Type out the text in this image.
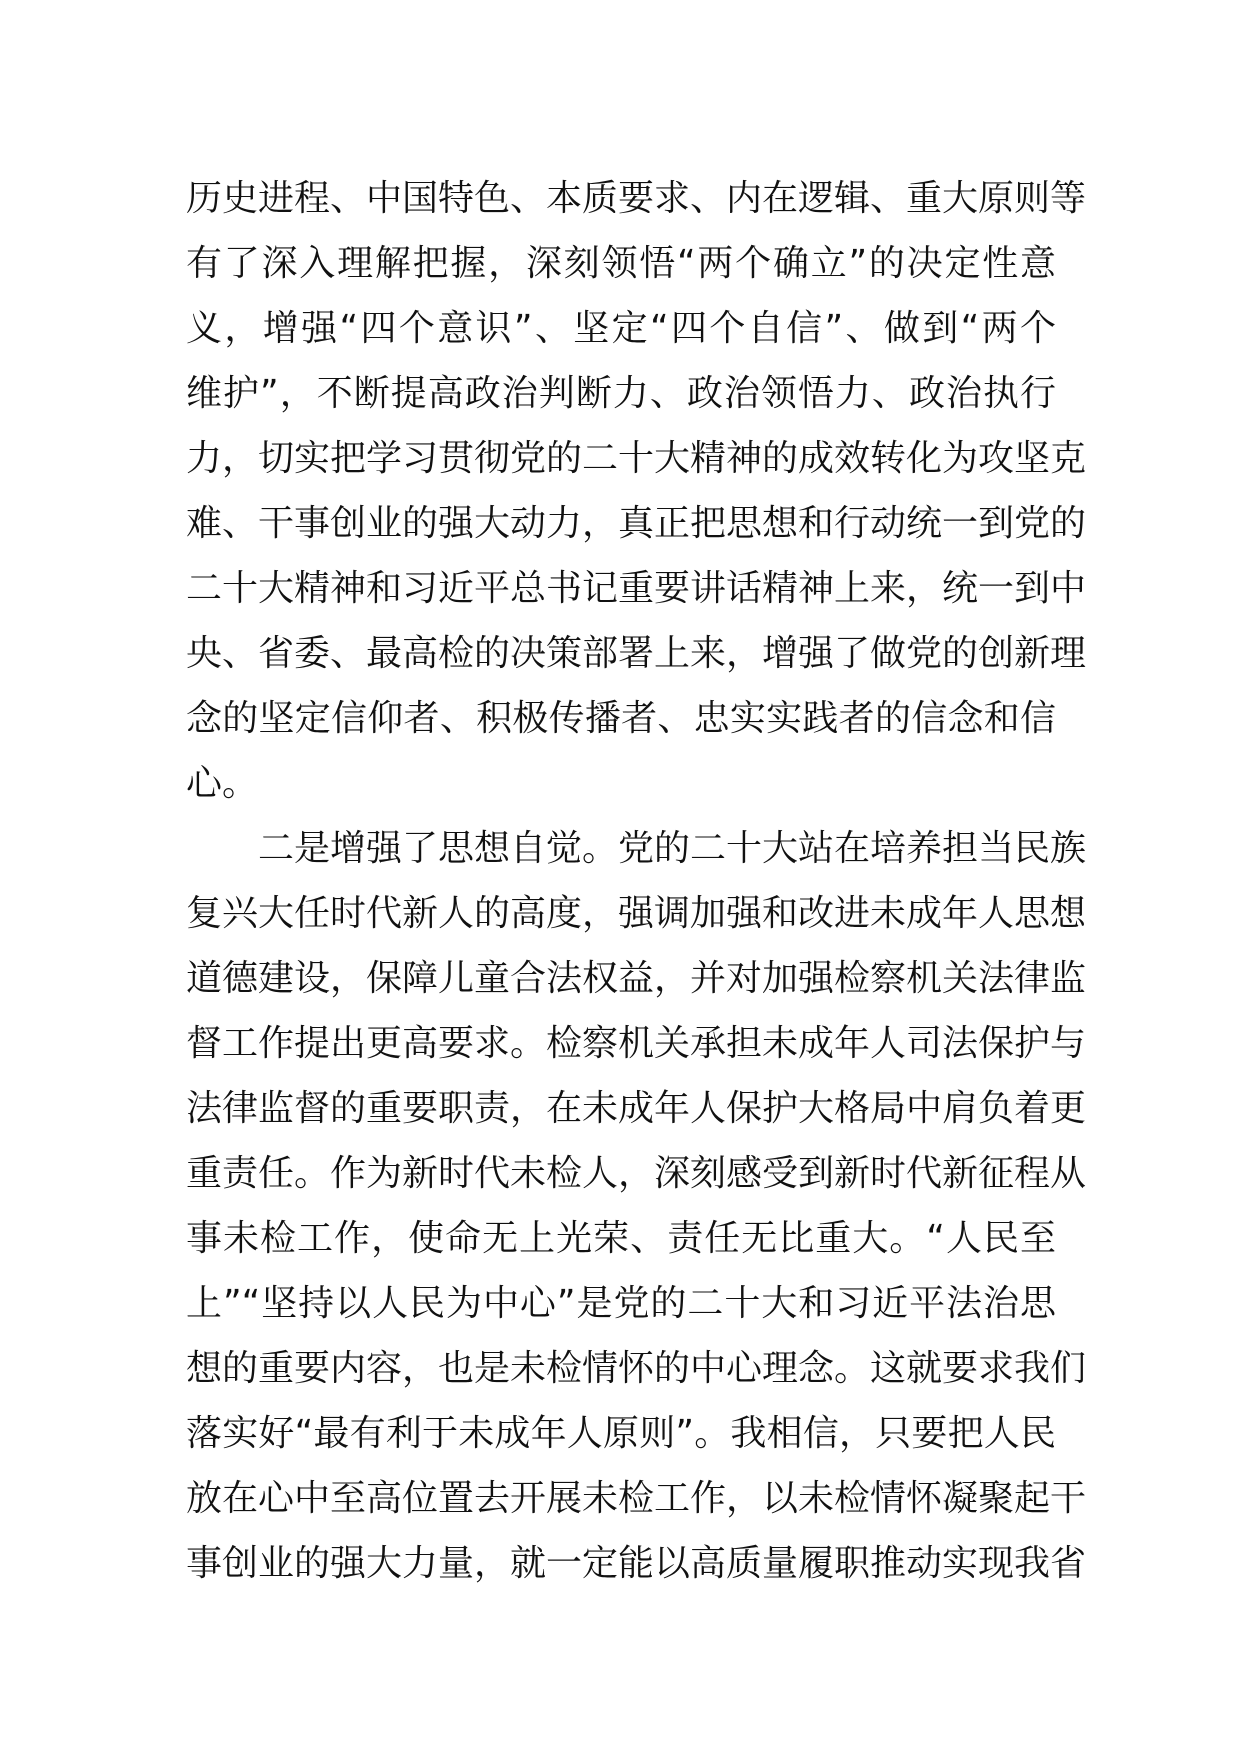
历史进程、中国特色、本质要求、内在逻辑、重大原则等
有了深入理解把握，深刻领悟“两个确立”的决定性意
义，增强“四个意识”、坚定“四个自信”、做到“两个
维护”，不断提高政治判断力、政治领悟力、政治执行
力，切实把学习贯彻党的二十大精神的成效转化为攻坚克
难、干事创业的强大动力，真正把思想和行动统一到党的
二十大精神和习近平总书记重要讲话精神上来，统一到中
央、省委、最高检的决策部署上来，增强了做党的创新理
念的坚定信仰者、积极传播者、忠实实践者的信念和信
心。
二是增强了思想自觉。党的二十大站在培养担当民族
复兴大任时代新人的高度，强调加强和改进未成年人思想
道德建设，保障儿童合法权益，并对加强检察机关法律监
督工作提出更高要求。检察机关承担未成年人司法保护与
法律监督的重要职责，在未成年人保护大格局中肩负着更
重责任。作为新时代未检人，深刻感受到新时代新征程从
事未检工作，使命无上光荣、责任无比重大。“人民至
上”“坚持以人民为中心”是党的二十大和习近平法治思
想的重要内容，也是未检情怀的中心理念。这就要求我们
落实好“最有利于未成年人原则”。我相信，只要把人民
放在心中至高位置去开展未检工作，以未检情怀凝聚起干
事创业的强大力量，就一定能以高质量履职推动实现我省
